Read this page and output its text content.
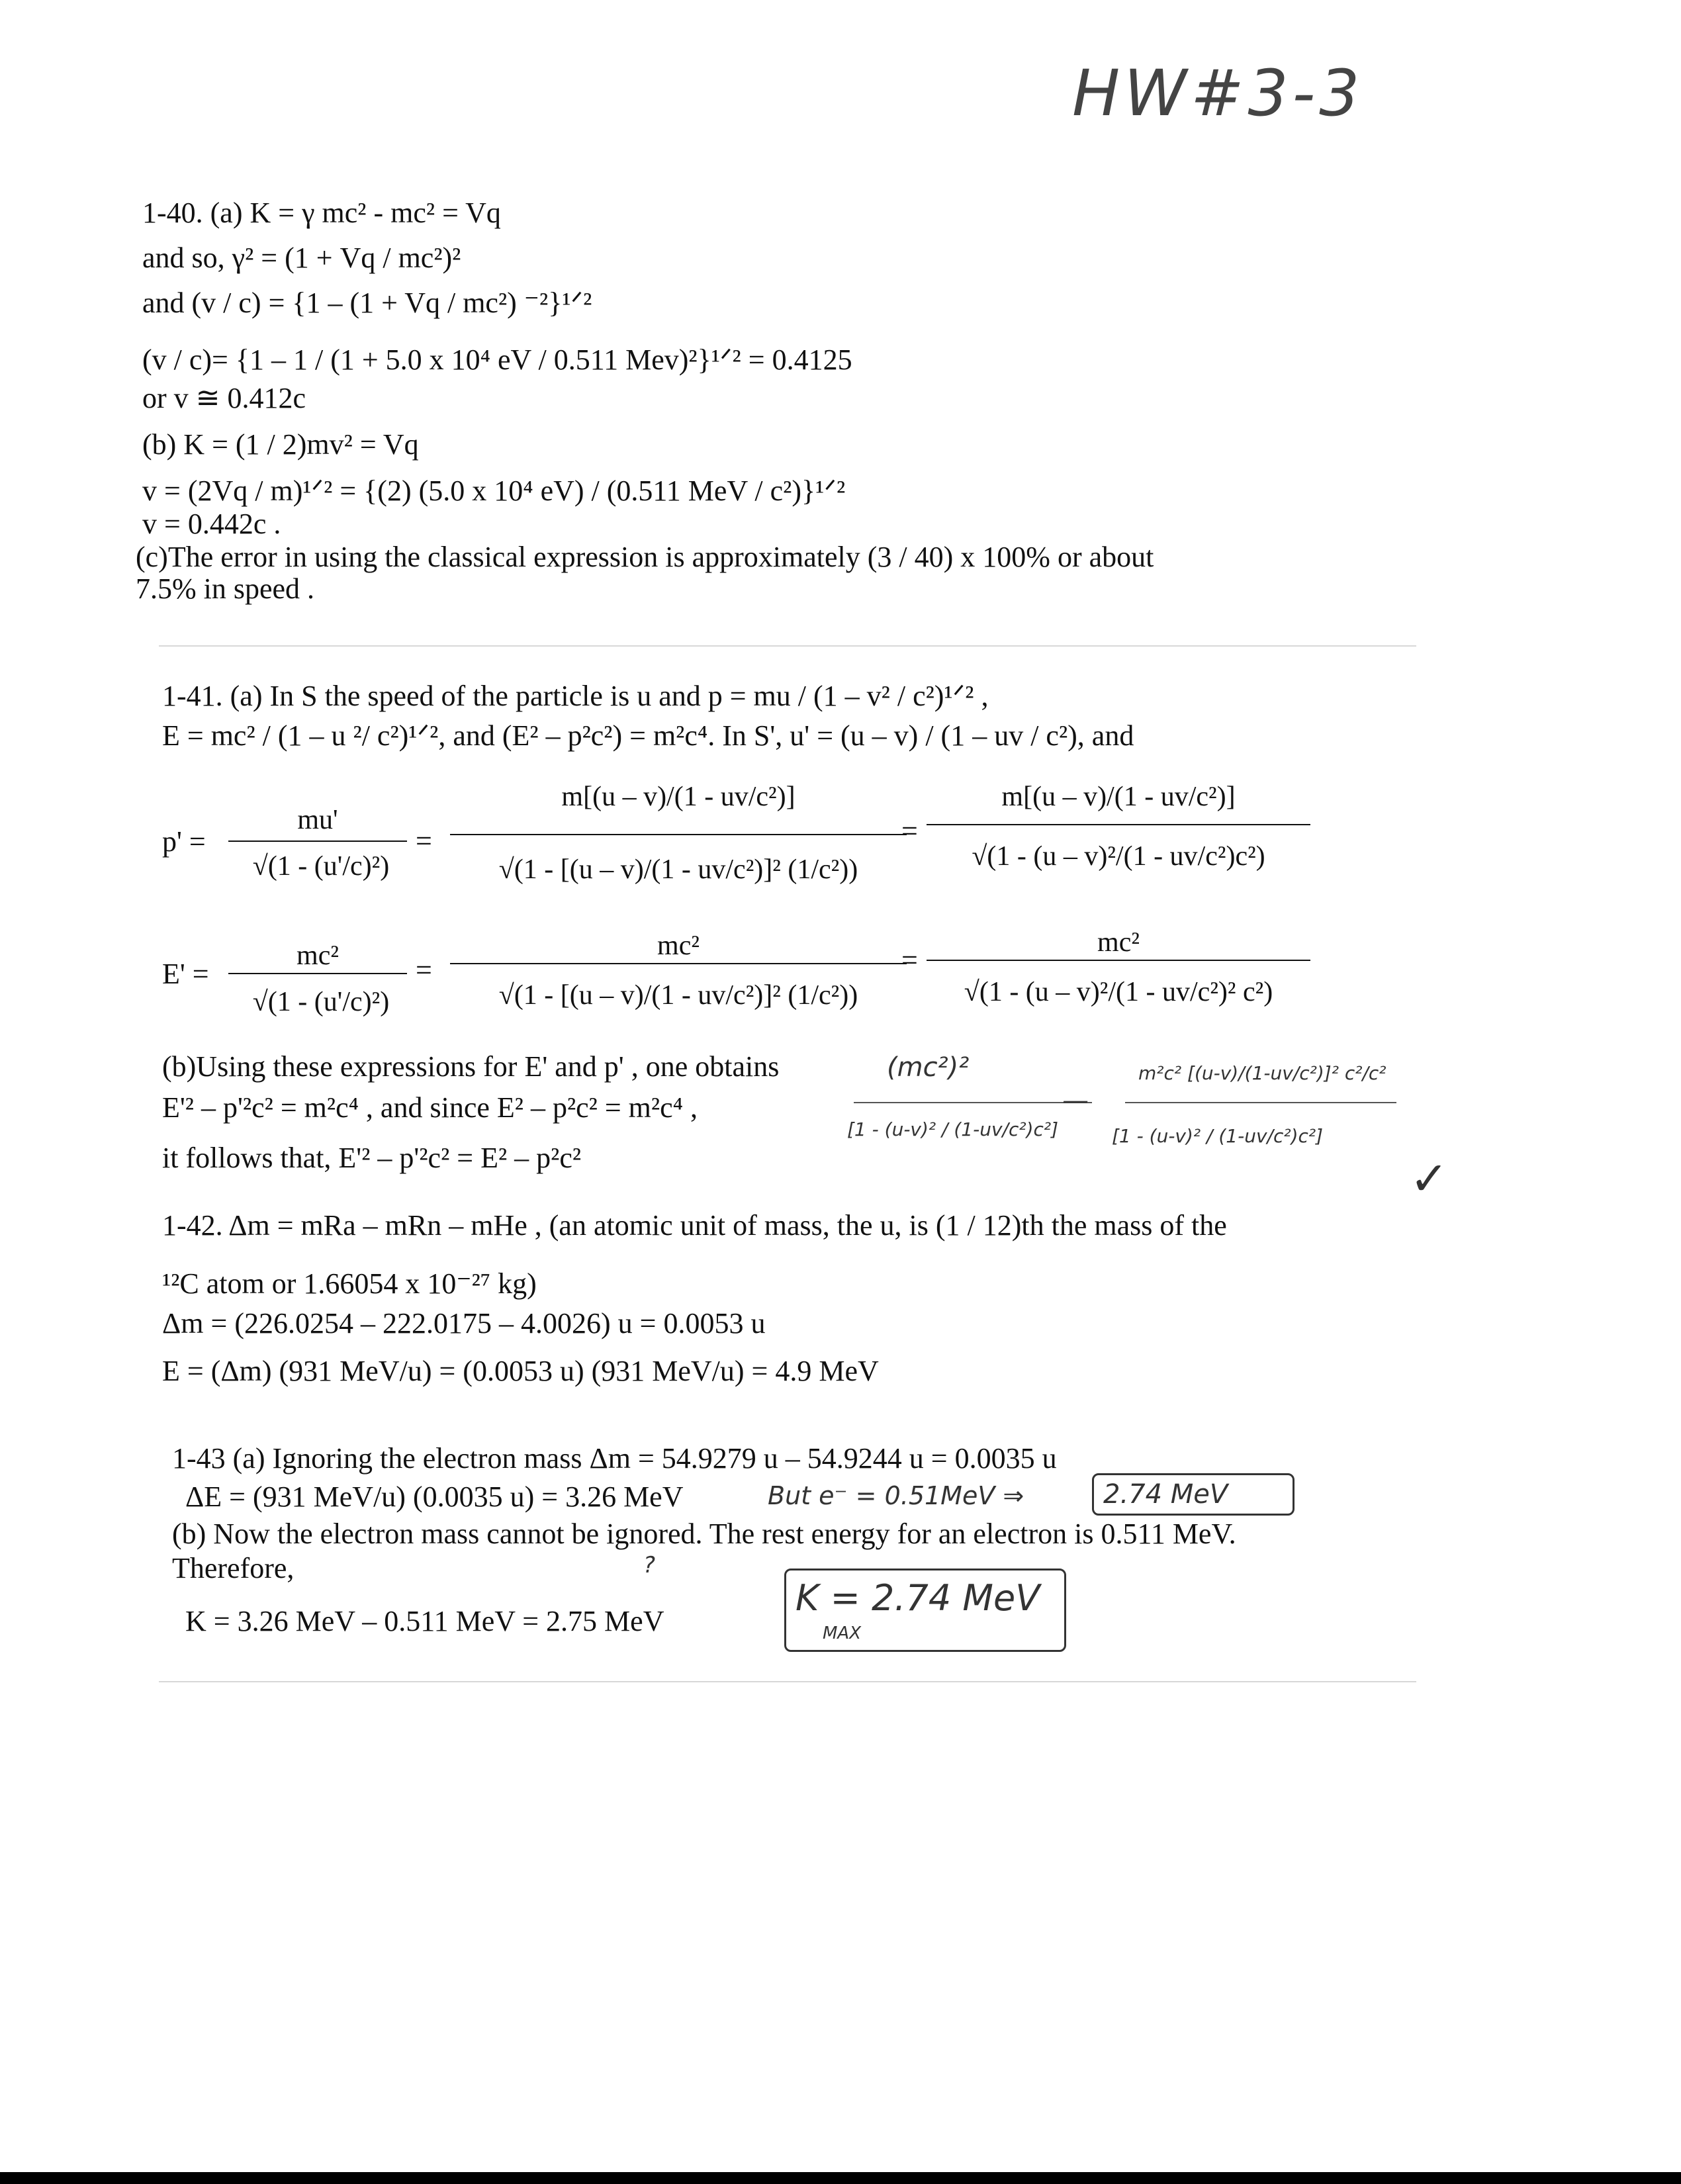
HW#3-3
1-40. (a) K = γ mc² - mc² = Vq
and so, γ² = (1 + Vq / mc²)²
and (v / c) = {1 – (1 + Vq / mc²) ⁻²}¹ᐟ²
(v / c)= {1 – 1 / (1 + 5.0 x 10⁴ eV / 0.511 Mev)²}¹ᐟ² = 0.4125
or v ≅ 0.412c
(b) K = (1 / 2)mv² = Vq
v = (2Vq / m)¹ᐟ² = {(2) (5.0 x 10⁴ eV) / (0.511 MeV / c²)}¹ᐟ²
v = 0.442c .
(c)The error in using the classical expression is approximately (3 / 40) x 100% or about
7.5% in speed .
1-41. (a) In S the speed of the particle is u and p = mu / (1 – v² / c²)¹ᐟ² ,
E = mc² / (1 – u ²/ c²)¹ᐟ², and (E² – p²c²) = m²c⁴. In S', u' = (u – v) / (1 – uv / c²), and
p' =
mu'
√(1 - (u'/c)²)
=
m[(u – v)/(1 - uv/c²)]
√(1 - [(u – v)/(1 - uv/c²)]² (1/c²))
=
m[(u – v)/(1 - uv/c²)]
√(1 - (u – v)²/(1 - uv/c²)c²)
E' =
mc²
√(1 - (u'/c)²)
=
mc²
√(1 - [(u – v)/(1 - uv/c²)]² (1/c²))
=
mc²
√(1 - (u – v)²/(1 - uv/c²)² c²)
(b)Using these expressions for E' and p' , one obtains
E'² – p'²c² = m²c⁴ , and since E² – p²c² = m²c⁴ ,
it follows that, E'² – p'²c² = E² – p²c²
(mc²)²
[1 - (u-v)² / (1-uv/c²)c²]
—
m²c² [(u-v)/(1-uv/c²)]² c²/c²
[1 - (u-v)² / (1-uv/c²)c²]
✓
1-42. Δm = mRa – mRn – mHe , (an atomic unit of mass, the u, is (1 / 12)th the mass of the
¹²C atom or 1.66054 x 10⁻²⁷ kg)
Δm = (226.0254 – 222.0175 – 4.0026) u = 0.0053 u
E = (Δm) (931 MeV/u) = (0.0053 u) (931 MeV/u) = 4.9 MeV
1-43 (a) Ignoring the electron mass Δm = 54.9279 u – 54.9244 u = 0.0035 u
ΔE = (931 MeV/u) (0.0035 u) = 3.26 MeV	But e⁻ = 0.51MeV ⇒	2.74 MeV
(b) Now the electron mass cannot be ignored. The rest energy for an electron is 0.511 MeV.
Therefore,	?
K = 3.26 MeV – 0.511 MeV = 2.75 MeV
K = 2.74 MeV
MAX
